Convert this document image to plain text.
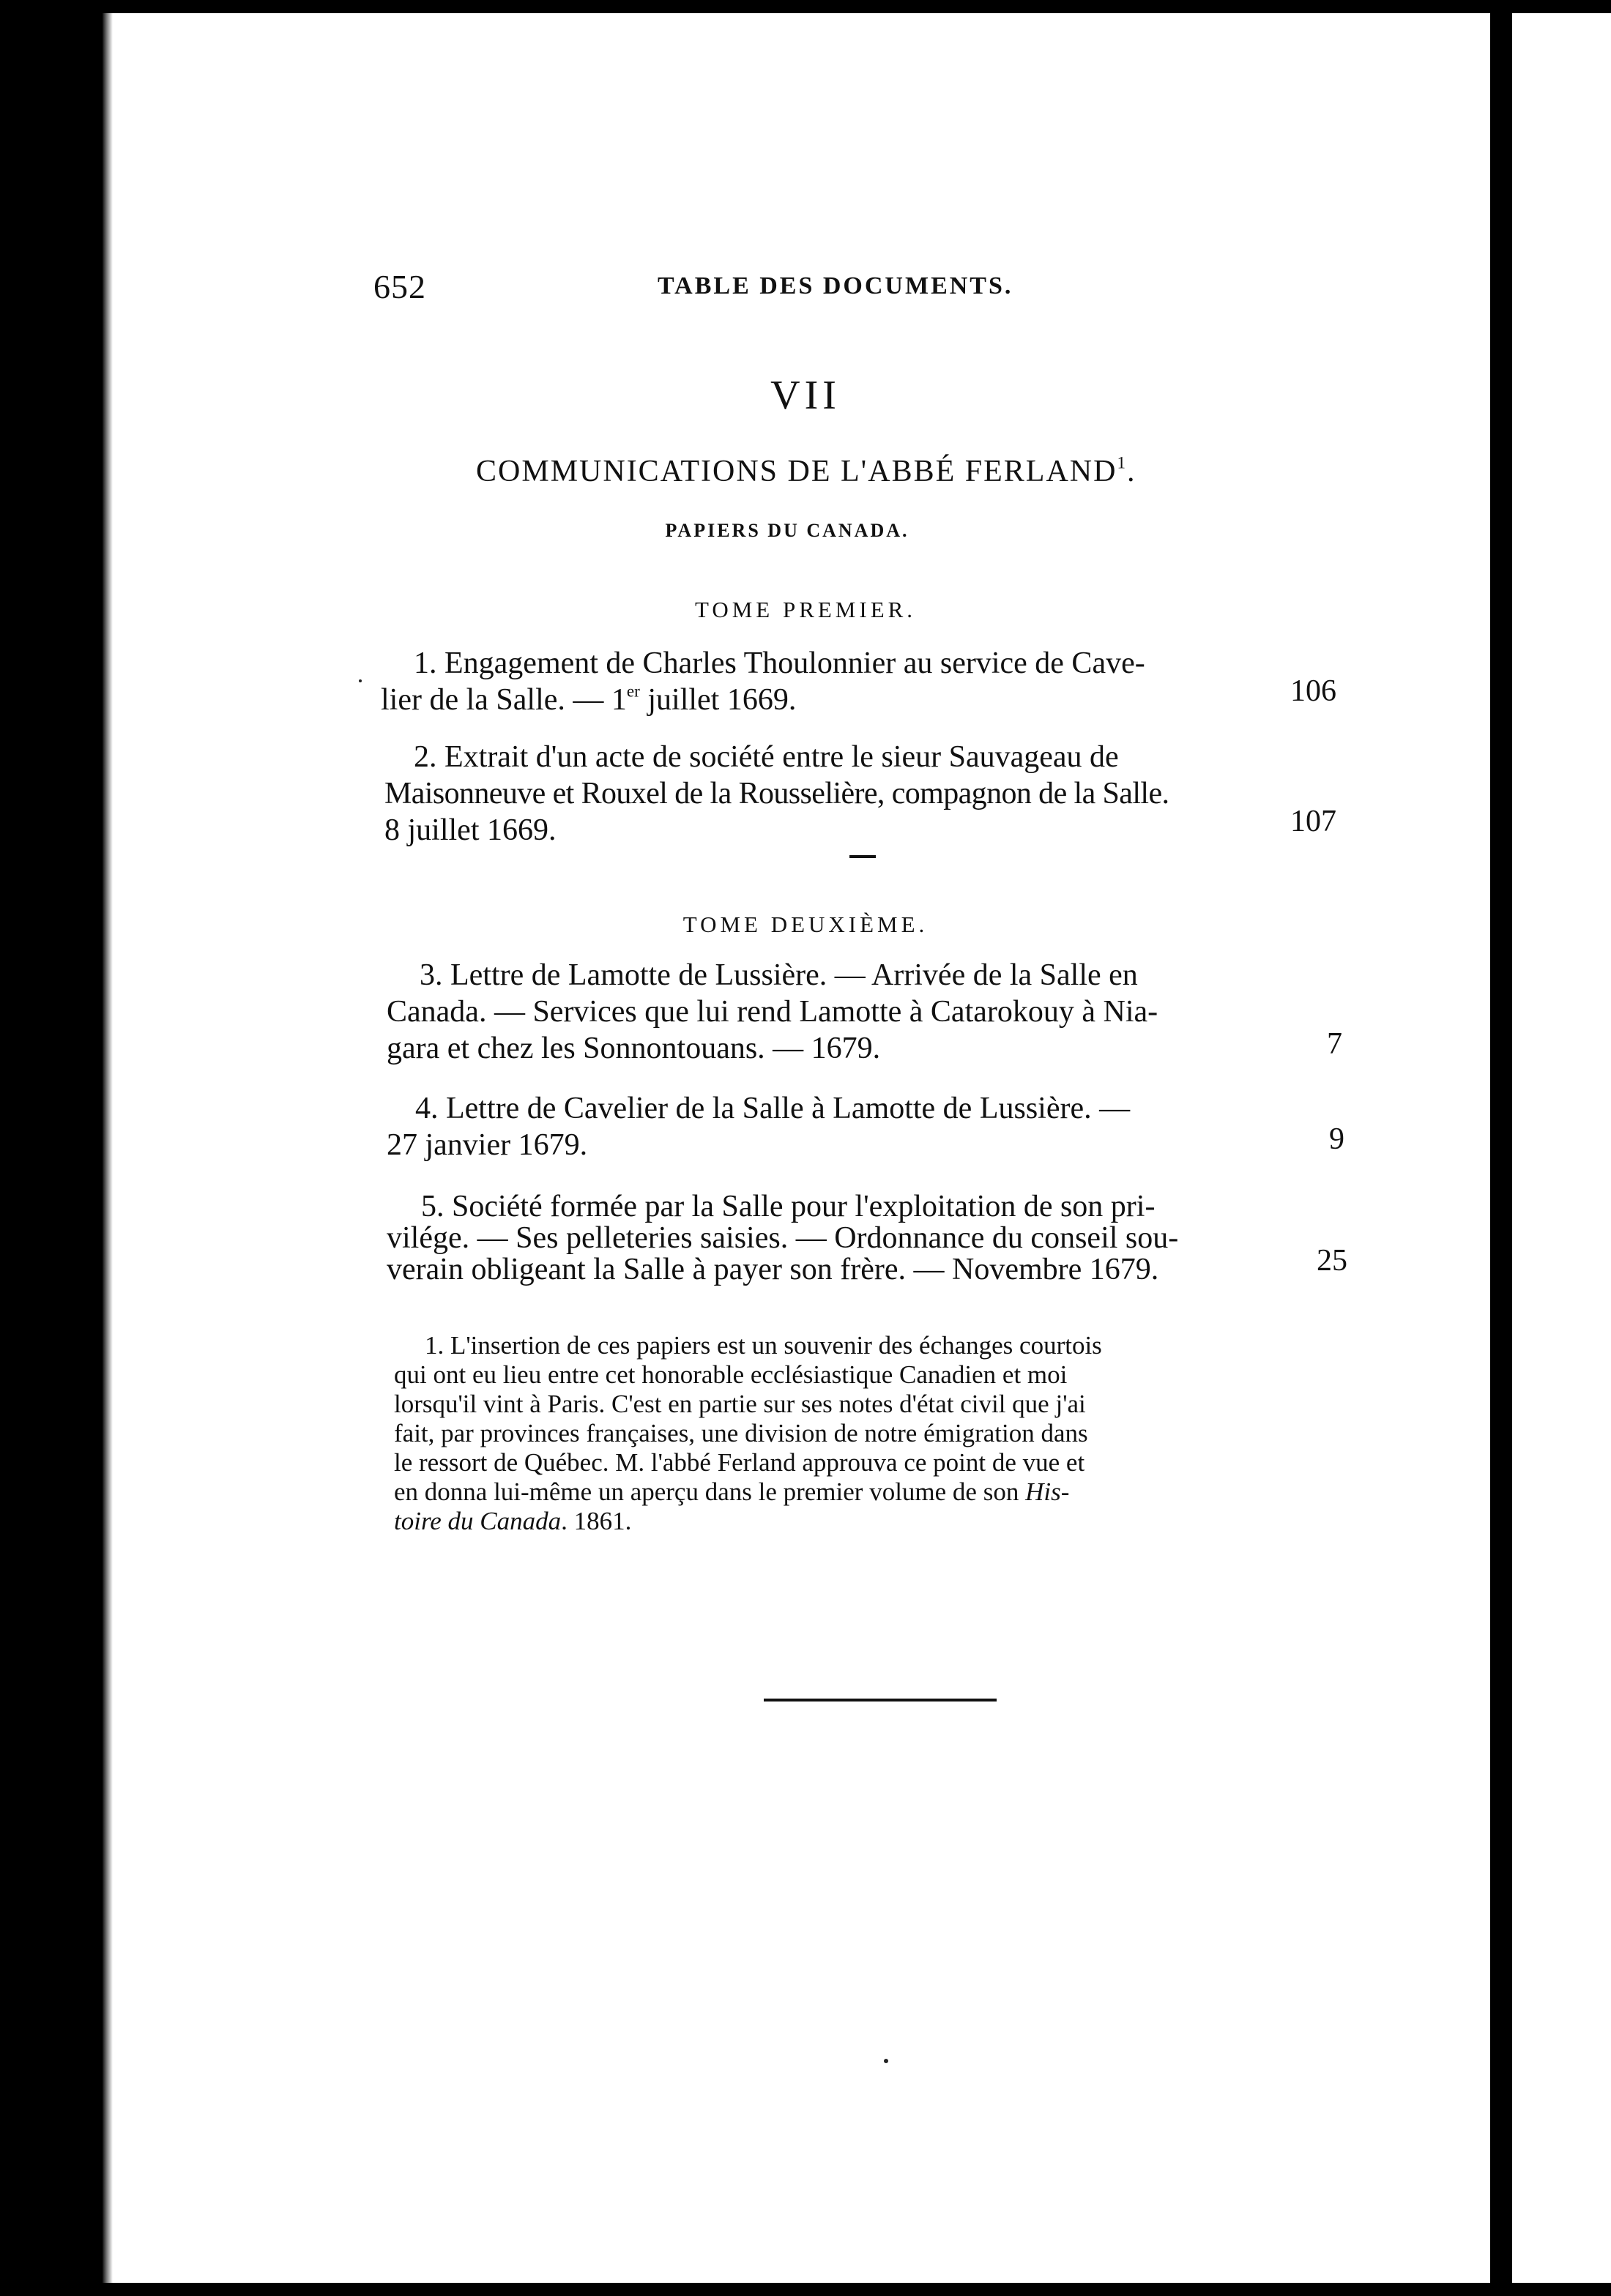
652	TABLE DES DOCUMENTS.
VII
COMMUNICATIONS DE L'ABBÉ FERLAND$^1$.
PAPIERS DU CANADA.
TOME PREMIER.
1. Engagement de Charles Thoulonnier au service de Cave-
lier de la Salle. — 1er juillet 1669.	106
2. Extrait d'un acte de société entre le sieur Sauvageau de
Maisonneuve et Rouxel de la Rousselière, compagnon de la Salle.
8 juillet 1669.	107
TOME DEUXIÈME.
3. Lettre de Lamotte de Lussière. — Arrivée de la Salle en
Canada. — Services que lui rend Lamotte à Catarokouy à Nia-
gara et chez les Sonnontouans. — 1679.	7
4. Lettre de Cavelier de la Salle à Lamotte de Lussière. —
27 janvier 1679.	9
5. Société formée par la Salle pour l'exploitation de son pri-
vilége. — Ses pelleteries saisies. — Ordonnance du conseil sou-
verain obligeant la Salle à payer son frère. — Novembre 1679.	25
1. L'insertion de ces papiers est un souvenir des échanges courtois
qui ont eu lieu entre cet honorable ecclésiastique Canadien et moi
lorsqu'il vint à Paris. C'est en partie sur ses notes d'état civil que j'ai
fait, par provinces françaises, une division de notre émigration dans
le ressort de Québec. M. l'abbé Ferland approuva ce point de vue et
en donna lui-même un aperçu dans le premier volume de son His-
toire du Canada. 1861.
